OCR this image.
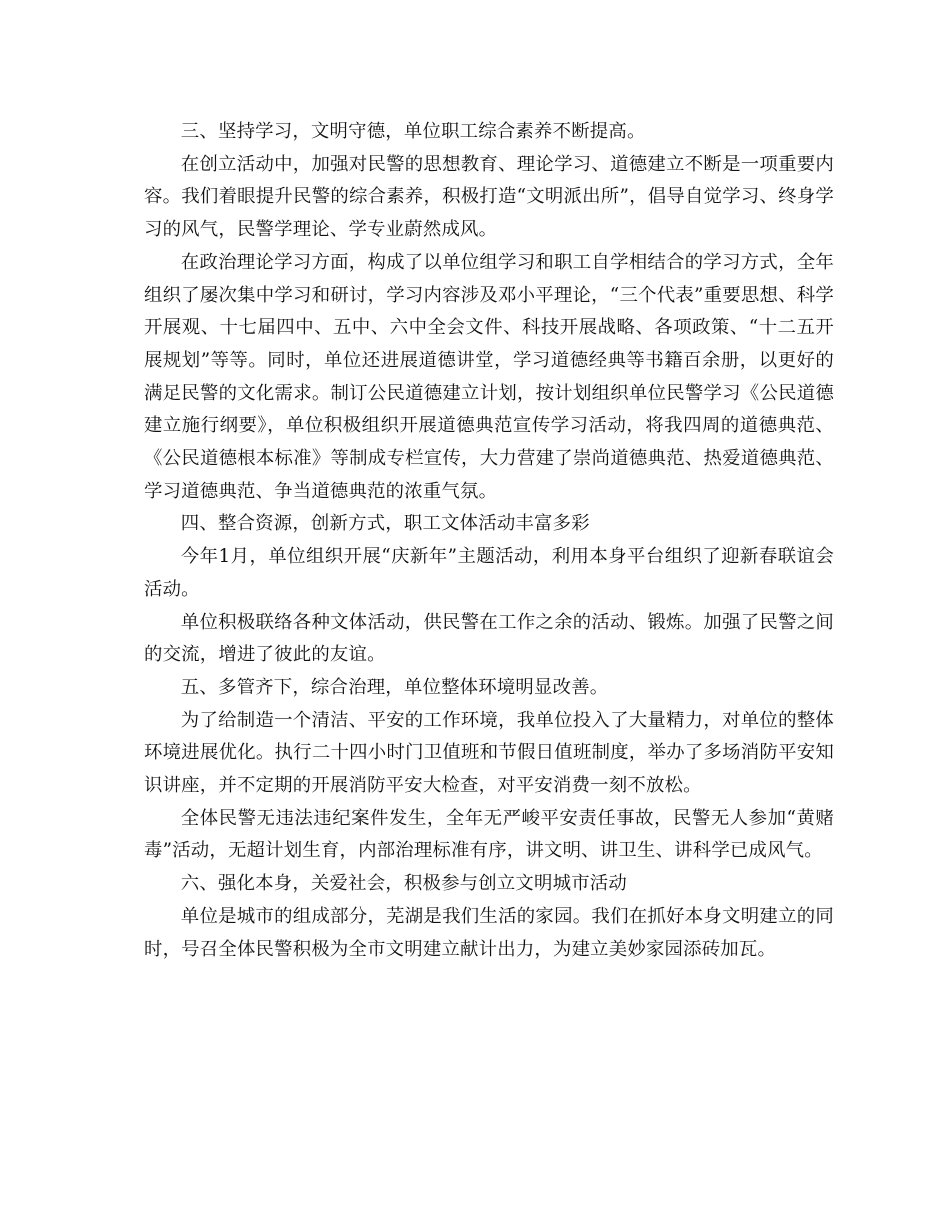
三、坚持学习，文明守德，单位职工综合素养不断提高。

在创立活动中，加强对民警的思想教育、理论学习、道德建立不断是一项重要内容。我们着眼提升民警的综合素养，积极打造“文明派出所”，倡导自觉学习、终身学习的风气，民警学理论、学专业蔚然成风。

在政治理论学习方面，构成了以单位组学习和职工自学相结合的学习方式，全年组织了屡次集中学习和研讨，学习内容涉及邓小平理论，“三个代表”重要思想、科学开展观、十七届四中、五中、六中全会文件、科技开展战略、各项政策、“十二五开展规划”等等。同时，单位还进展道德讲堂，学习道德经典等书籍百余册，以更好的满足民警的文化需求。制订公民道德建立计划，按计划组织单位民警学习《公民道德建立施行纲要》，单位积极组织开展道德典范宣传学习活动，将我四周的道德典范、《公民道德根本标准》等制成专栏宣传，大力营建了崇尚道德典范、热爱道德典范、学习道德典范、争当道德典范的浓重气氛。

四、整合资源，创新方式，职工文体活动丰富多彩

今年1月，单位组织开展“庆新年”主题活动，利用本身平台组织了迎新春联谊会活动。

单位积极联络各种文体活动，供民警在工作之余的活动、锻炼。加强了民警之间的交流，增进了彼此的友谊。

五、多管齐下，综合治理，单位整体环境明显改善。

为了给制造一个清洁、平安的工作环境，我单位投入了大量精力，对单位的整体环境进展优化。执行二十四小时门卫值班和节假日值班制度，举办了多场消防平安知识讲座，并不定期的开展消防平安大检查，对平安消费一刻不放松。

全体民警无违法违纪案件发生，全年无严峻平安责任事故，民警无人参加“黄赌毒”活动，无超计划生育，内部治理标准有序，讲文明、讲卫生、讲科学已成风气。

六、强化本身，关爱社会，积极参与创立文明城市活动

单位是城市的组成部分，芜湖是我们生活的家园。我们在抓好本身文明建立的同时，号召全体民警积极为全市文明建立献计出力，为建立美妙家园添砖加瓦。
